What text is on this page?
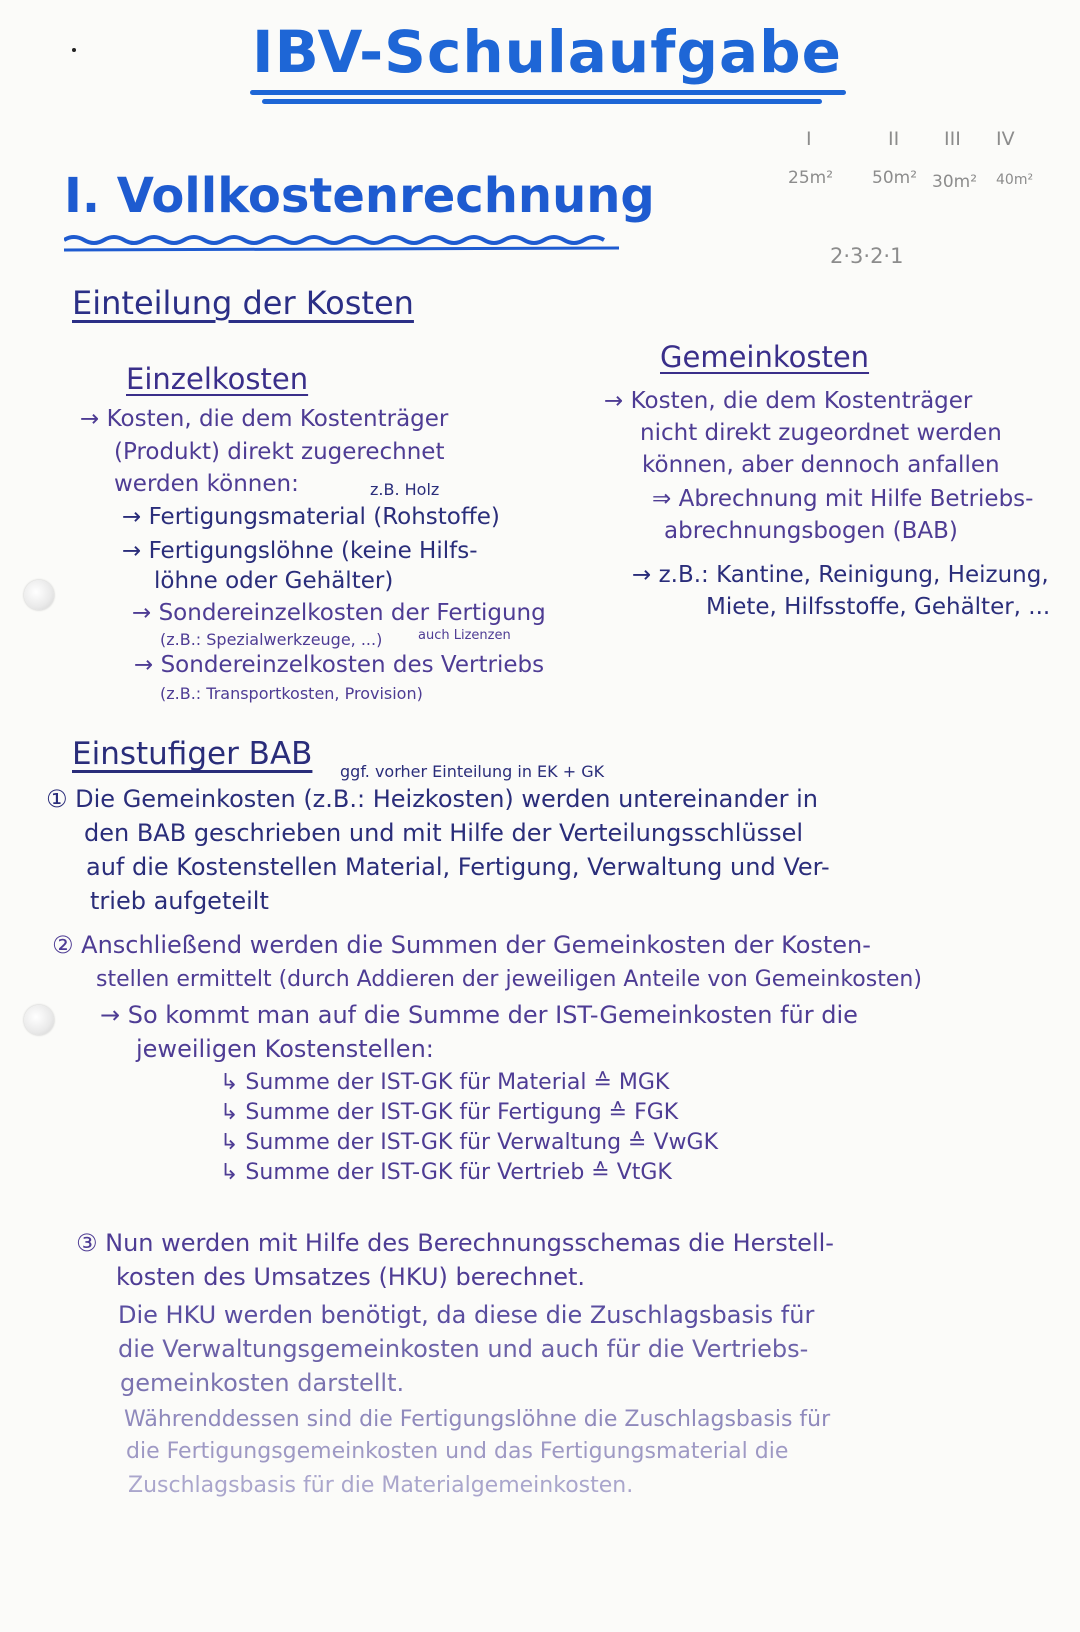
IBV-Schulaufgabe
I. Vollkostenrechnung
I	II III IV
25m² 50m² 30m² 40m²
2·3·2·1
Einteilung der Kosten
Einzelkosten
→ Kosten, die dem Kostenträger
(Produkt) direkt zugerechnet
werden können:	z.B. Holz
→ Fertigungsmaterial (Rohstoffe)
→ Fertigungslöhne (keine Hilfs-
löhne oder Gehälter)
→ Sondereinzelkosten der Fertigung
(z.B.: Spezialwerkzeuge, ...)	auch Lizenzen
→ Sondereinzelkosten des Vertriebs
(z.B.: Transportkosten, Provision)
Gemeinkosten
→ Kosten, die dem Kostenträger
nicht direkt zugeordnet werden
können, aber dennoch anfallen
⇒ Abrechnung mit Hilfe Betriebs-
abrechnungsbogen (BAB)
→ z.B.: Kantine, Reinigung, Heizung,
Miete, Hilfsstoffe, Gehälter, ...
Einstufiger BAB ggf. vorher Einteilung in EK + GK
① Die Gemeinkosten (z.B.: Heizkosten) werden untereinander in
den BAB geschrieben und mit Hilfe der Verteilungsschlüssel
auf die Kostenstellen Material, Fertigung, Verwaltung und Ver-
trieb aufgeteilt
② Anschließend werden die Summen der Gemeinkosten der Kosten-
stellen ermittelt (durch Addieren der jeweiligen Anteile von Gemeinkosten)
→ So kommt man auf die Summe der IST-Gemeinkosten für die
jeweiligen Kostenstellen:
↳ Summe der IST-GK für Material ≙ MGK
↳ Summe der IST-GK für Fertigung ≙ FGK
↳ Summe der IST-GK für Verwaltung ≙ VwGK
↳ Summe der IST-GK für Vertrieb ≙ VtGK
③ Nun werden mit Hilfe des Berechnungsschemas die Herstell-
kosten des Umsatzes (HKU) berechnet.
Die HKU werden benötigt, da diese die Zuschlagsbasis für
die Verwaltungsgemeinkosten und auch für die Vertriebs-
gemeinkosten darstellt.
Währenddessen sind die Fertigungslöhne die Zuschlagsbasis für
die Fertigungsgemeinkosten und das Fertigungsmaterial die
Zuschlagsbasis für die Materialgemeinkosten.
